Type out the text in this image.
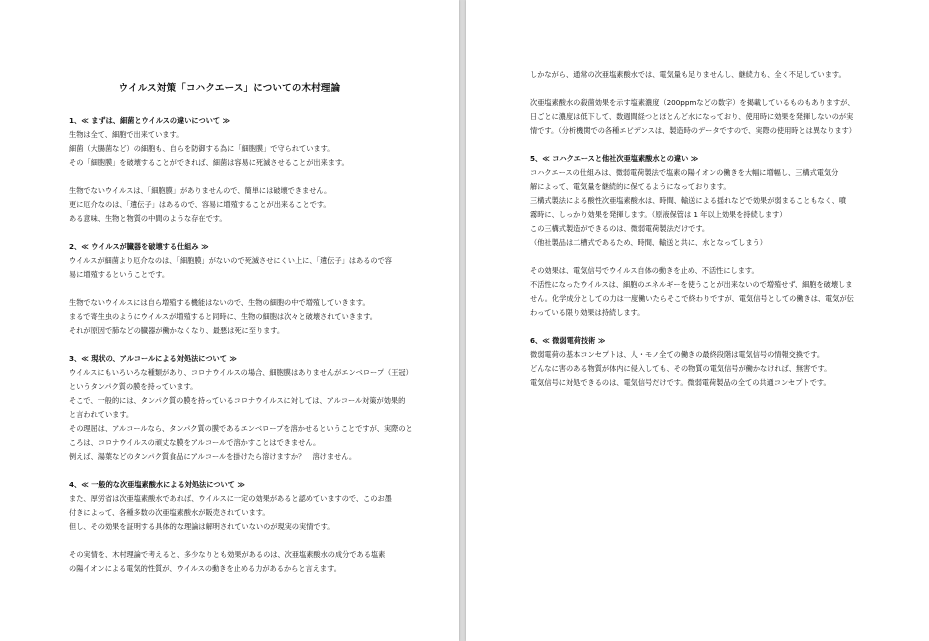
ウイルス対策「コハクエース」についての木村理論
1、≪ まずは、細菌とウイルスの違いについて ≫
生物は全て、細胞で出来ています。
細菌（大腸菌など）の細胞も、自らを防御する為に「細胞膜」で守られています。
その「細胞膜」を破壊することができれば、細菌は容易に死滅させることが出来ます。
生物でないウイルスは、「細胞膜」がありませんので、簡単には破壊できません。
更に厄介なのは、「遺伝子」はあるので、容易に増殖することが出来ることです。
ある意味、生物と物質の中間のような存在です。
2、≪ ウイルスが臓器を破壊する仕組み ≫
ウイルスが細菌より厄介なのは、「細胞膜」がないので死滅させにくい上に、「遺伝子」はあるので容
易に増殖するということです。
生物でないウイルスには自ら増殖する機能はないので、生物の細胞の中で増殖していきます。
まるで寄生虫のようにウイルスが増殖すると同時に、生物の細胞は次々と破壊されていきます。
それが原因で肺などの臓器が働かなくなり、最悪は死に至ります。
3、≪ 現状の、アルコールによる対処法について ≫
ウイルスにもいろいろな種類があり、コロナウイルスの場合、細胞膜はありませんがエンベロープ（王冠）
というタンパク質の膜を持っています。
そこで、一般的には、タンパク質の膜を持っているコロナウイルスに対しては、アルコール対策が効果的
と言われています。
その理屈は、アルコールなら、タンパク質の膜であるエンベロープを溶かせるということですが、実際のと
ころは、コロナウイルスの頑丈な膜をアルコールで溶かすことはできません。
例えば、湯葉などのタンパク質食品にアルコールを掛けたら溶けますか？　溶けません。
4、≪ 一般的な次亜塩素酸水による対処法について ≫
また、厚労省は次亜塩素酸水であれば、ウイルスに一定の効果があると認めていますので、このお墨
付きによって、各種多数の次亜塩素酸水が販売されています。
但し、その効果を証明する具体的な理論は解明されていないのが現実の実情です。
その実情を、木村理論で考えると、多少なりとも効果があるのは、次亜塩素酸水の成分である塩素
の陽イオンによる電気的性質が、ウイルスの動きを止める力があるからと言えます。
しかながら、通常の次亜塩素酸水では、電気量も足りませんし、継続力も、全く不足しています。
次亜塩素酸水の殺菌効果を示す塩素濃度（200ppmなどの数字）を掲載しているものもありますが、
日ごとに濃度は低下して、数週間経つとほとんど水になっており、使用時に効果を発揮しないのが実
情です。（分析機関での各種エビデンスは、製造時のデータですので、実際の使用時とは異なります）
5、≪ コハクエースと他社次亜塩素酸水との違い ≫
コハクエースの仕組みは、微弱電荷製法で塩素の陽イオンの働きを大幅に増幅し、三構式電気分
解によって、電気量を継続的に保てるようになっております。
三構式製法による酸性次亜塩素酸水は、時間、輸送による揺れなどで効果が弱まることもなく、噴
霧時に、しっかり効果を発揮します。（原液保管は 1 年以上効果を持続します）
この三構式製造ができるのは、微弱電荷製法だけです。
（他社製品は二槽式であるため、時間、輸送と共に、水となってしまう）
その効果は、電気信号でウイルス自体の動きを止め、不活性にします。
不活性になったウイルスは、細胞のエネルギーを使うことが出来ないので増殖せず、細胞を破壊しま
せん。化学成分としての力は一度働いたらそこで終わりですが、電気信号としての働きは、電気が伝
わっている限り効果は持続します。
6、≪ 微弱電荷技術 ≫
微弱電荷の基本コンセプトは、人・モノ全ての働きの最終段階は電気信号の情報交換です。
どんなに害のある物質が体内に侵入しても、その物質の電気信号が働かなければ、無害です。
電気信号に対処できるのは、電気信号だけです。微弱電荷製品の全ての共通コンセプトです。
